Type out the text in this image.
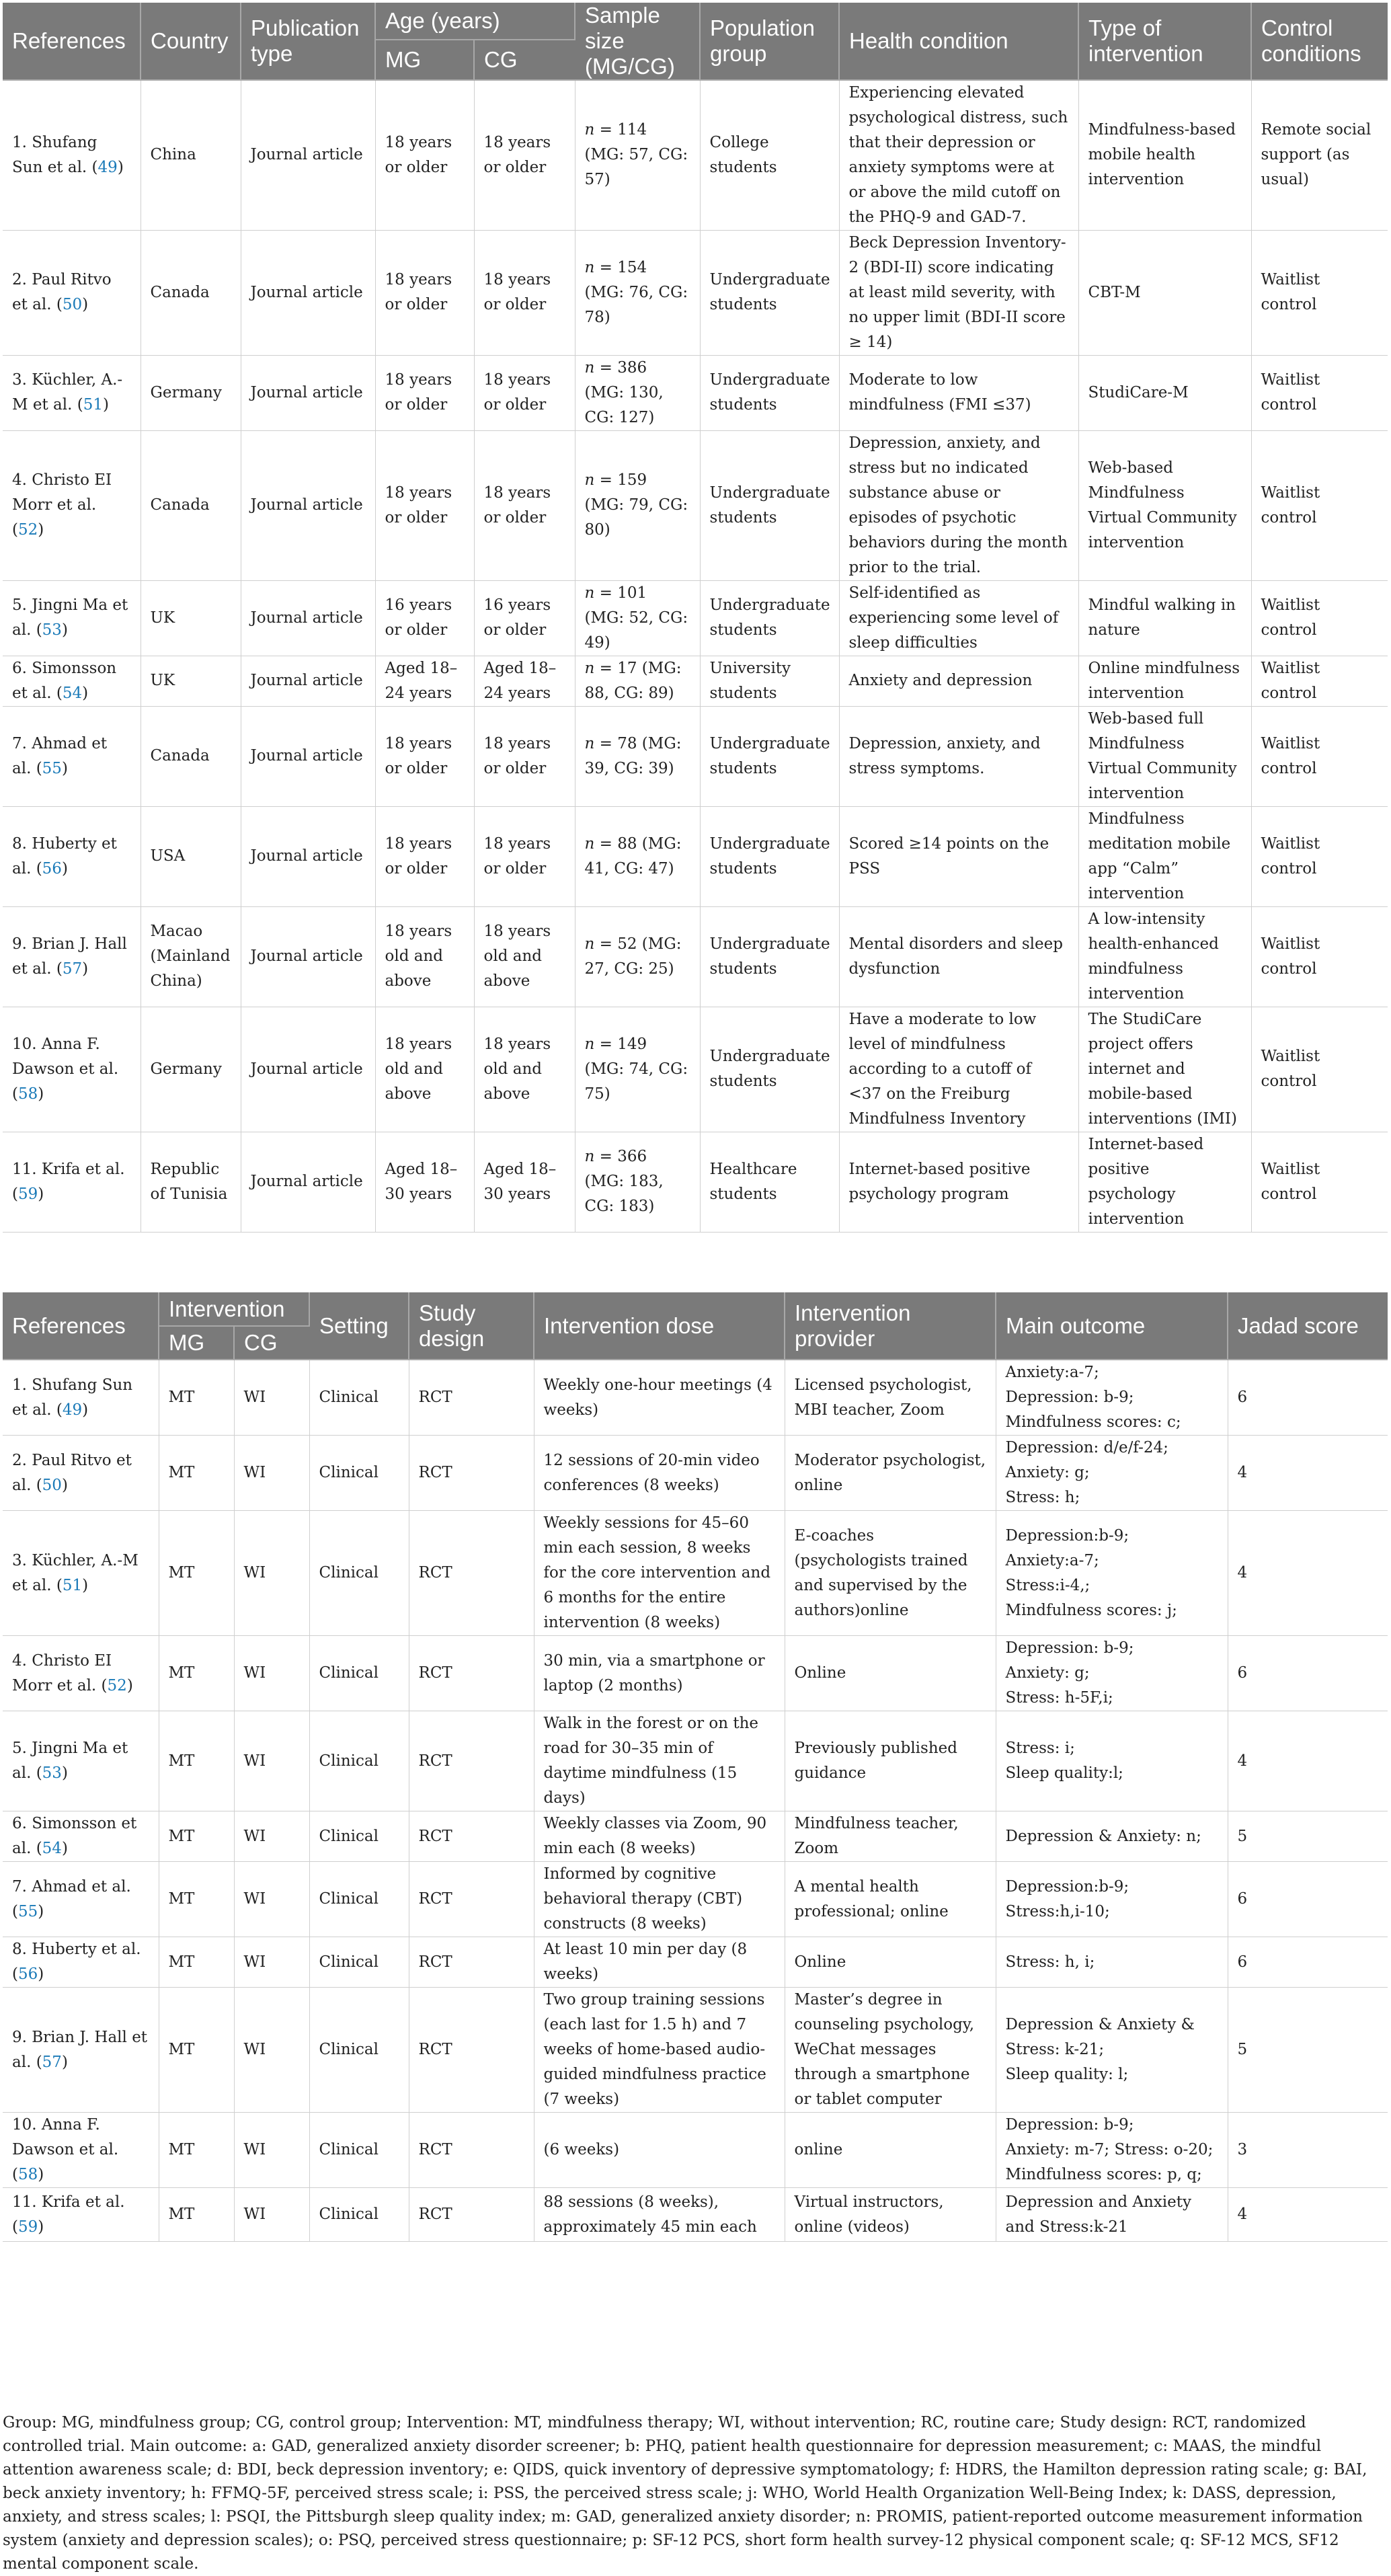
References	Country	Publication type	Age (years)		Sample size
(MG/CG)	Population group	Health condition	Type of intervention	Control conditions
			MG	CG					
1. Shufang Sun et al. (49)	China	Journal article	18 years or older	18 years or older	n = 114 (MG: 57, CG: 57)	College students	Experiencing elevated psychological distress, such that their depression or anxiety symptoms were at or above the mild cutoff on the PHQ-9 and GAD-7.	Mindfulness-based mobile health intervention	Remote social support (as usual)
2. Paul Ritvo et al. (50)	Canada	Journal article	18 years or older	18 years or older	n = 154 (MG: 76, CG: 78)	Undergraduate students	Beck Depression Inventory-2 (BDI-II) score indicating at least mild severity, with no upper limit (BDI-II score ≥ 14)	CBT-M	Waitlist control
3. Küchler, A.-M et al. (51)	Germany	Journal article	18 years or older	18 years or older	n = 386 (MG: 130, CG: 127)	Undergraduate students	Moderate to low mindfulness (FMI ≤37)	StudiCare-M	Waitlist control
4. Christo EI Morr et al. (52)	Canada	Journal article	18 years or older	18 years or older	n = 159 (MG: 79, CG: 80)	Undergraduate students	Depression, anxiety, and stress but no indicated substance abuse or episodes of psychotic behaviors during the month prior to the trial.	Web-based Mindfulness Virtual Community intervention	Waitlist control
5. Jingni Ma et al. (53)	UK	Journal article	16 years or older	16 years or older	n = 101 (MG: 52, CG: 49)	Undergraduate students	Self-identified as experiencing some level of sleep difficulties	Mindful walking in nature	Waitlist control
6. Simonsson et al. (54)	UK	Journal article	Aged 18–24 years	Aged 18–24 years	n = 17 (MG: 88, CG: 89)	University students	Anxiety and depression	Online mindfulness intervention	Waitlist control
7. Ahmad et al. (55)	Canada	Journal article	18 years or older	18 years or older	n = 78 (MG: 39, CG: 39)	Undergraduate students	Depression, anxiety, and stress symptoms.	Web-based full Mindfulness Virtual Community intervention	Waitlist control
8. Huberty et al. (56)	USA	Journal article	18 years or older	18 years or older	n = 88 (MG: 41, CG: 47)	Undergraduate students	Scored ≥14 points on the PSS	Mindfulness meditation mobile app “Calm” intervention	Waitlist control
9. Brian J. Hall et al. (57)	Macao (Mainland China)	Journal article	18 years old and above	18 years old and above	n = 52 (MG: 27, CG: 25)	Undergraduate students	Mental disorders and sleep dysfunction	A low-intensity health-enhanced mindfulness intervention	Waitlist control
10. Anna F. Dawson et al. (58)	Germany	Journal article	18 years old and above	18 years old and above	n = 149 (MG: 74, CG: 75)	Undergraduate students	Have a moderate to low level of mindfulness according to a cutoff of <37 on the Freiburg Mindfulness Inventory	The StudiCare project offers internet and mobile-based interventions (IMI)	Waitlist control
11. Krifa et al. (59)	Republic of Tunisia	Journal article	Aged 18–30 years	Aged 18–30 years	n = 366 (MG: 183, CG: 183)	Healthcare students	Internet-based positive psychology program	Internet-based positive psychology intervention	Waitlist control
References	Intervention		Setting	Study design	Intervention dose	Intervention provider	Main outcome	Jadad score
	MG	CG						
1. Shufang Sun et al. (49)	MT	WI	Clinical	RCT	Weekly one-hour meetings (4 weeks)	Licensed psychologist, MBI teacher, Zoom	Anxiety:a-7;
Depression: b-9;
Mindfulness scores: c;	6
2. Paul Ritvo et al. (50)	MT	WI	Clinical	RCT	12 sessions of 20-min video conferences (8 weeks)	Moderator psychologist, online	Depression: d/e/f-24;
Anxiety: g;
Stress: h;	4
3. Küchler, A.-M et al. (51)	MT	WI	Clinical	RCT	Weekly sessions for 45–60 min each session, 8 weeks for the core intervention and 6 months for the entire intervention (8 weeks)	E-coaches (psychologists trained and supervised by the authors)online	Depression:b-9;
Anxiety:a-7;
Stress:i-4,;
Mindfulness scores: j;	4
4. Christo EI Morr et al. (52)	MT	WI	Clinical	RCT	30 min, via a smartphone or laptop (2 months)	Online	Depression: b-9;
Anxiety: g;
Stress: h-5F,i;	6
5. Jingni Ma et al. (53)	MT	WI	Clinical	RCT	Walk in the forest or on the road for 30–35 min of daytime mindfulness (15 days)	Previously published guidance	Stress: i;
Sleep quality:l;	4
6. Simonsson et al. (54)	MT	WI	Clinical	RCT	Weekly classes via Zoom, 90 min each (8 weeks)	Mindfulness teacher, Zoom	Depression & Anxiety: n;	5
7. Ahmad et al. (55)	MT	WI	Clinical	RCT	Informed by cognitive behavioral therapy (CBT) constructs (8 weeks)	A mental health professional; online	Depression:b-9;
Stress:h,i-10;	6
8. Huberty et al. (56)	MT	WI	Clinical	RCT	At least 10 min per day (8 weeks)	Online	Stress: h, i;	6
9. Brian J. Hall et al. (57)	MT	WI	Clinical	RCT	Two group training sessions (each last for 1.5 h) and 7 weeks of home-based audio-guided mindfulness practice (7 weeks)	Master’s degree in counseling psychology, WeChat messages through a smartphone or tablet computer	Depression & Anxiety & Stress: k-21;
Sleep quality: l;	5
10. Anna F. Dawson et al. (58)	MT	WI	Clinical	RCT	(6 weeks)	online	Depression: b-9;
Anxiety: m-7; Stress: o-20;
Mindfulness scores: p, q;	3
11. Krifa et al. (59)	MT	WI	Clinical	RCT	88 sessions (8 weeks), approximately 45 min each	Virtual instructors, online (videos)	Depression and Anxiety and Stress:k-21	4

Group: MG, mindfulness group; CG, control group; Intervention: MT, mindfulness therapy; WI, without intervention; RC, routine care; Study design: RCT, randomized controlled trial. Main outcome: a: GAD, generalized anxiety disorder screener; b: PHQ, patient health questionnaire for depression measurement; c: MAAS, the mindful attention awareness scale; d: BDI, beck depression inventory; e: QIDS, quick inventory of depressive symptomatology; f: HDRS, the Hamilton depression rating scale; g: BAI, beck anxiety inventory; h: FFMQ-5F, perceived stress scale; i: PSS, the perceived stress scale; j: WHO, World Health Organization Well-Being Index; k: DASS, depression, anxiety, and stress scales; l: PSQI, the Pittsburgh sleep quality index; m: GAD, generalized anxiety disorder; n: PROMIS, patient-reported outcome measurement information system (anxiety and depression scales); o: PSQ, perceived stress questionnaire; p: SF-12 PCS, short form health survey-12 physical component scale; q: SF-12 MCS, SF12 mental component scale.
